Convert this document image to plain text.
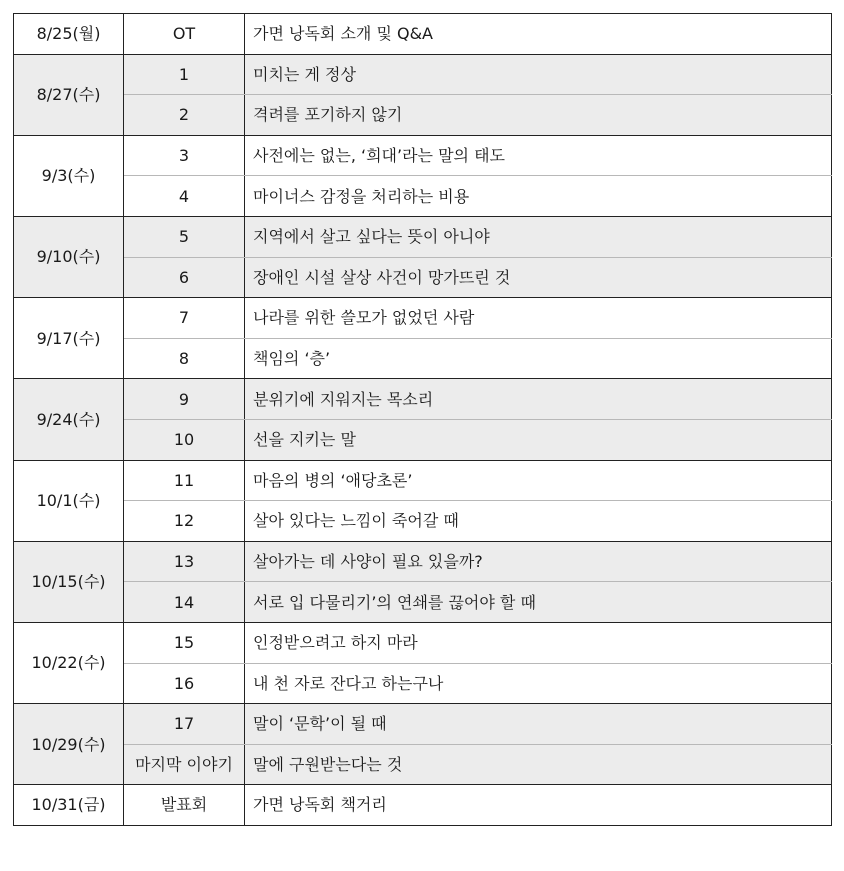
8/25(월)	OT	가면 낭독회 소개 및 Q&A
8/27(수)	1	미치는 게 정상
	2	격려를 포기하지 않기
9/3(수)	3	사전에는 없는, ‘희대’라는 말의 태도
	4	마이너스 감정을 처리하는 비용
9/10(수)	5	지역에서 살고 싶다는 뜻이 아니야
	6	장애인 시설 살상 사건이 망가뜨린 것
9/17(수)	7	나라를 위한 쓸모가 없었던 사람
	8	책임의 ‘층’
9/24(수)	9	분위기에 지워지는 목소리
	10	선을 지키는 말
10/1(수)	11	마음의 병의 ‘애당초론’
	12	살아 있다는 느낌이 죽어갈 때
10/15(수)	13	살아가는 데 사양이 필요 있을까?
	14	서로 입 다물리기’의 연쇄를 끊어야 할 때
10/22(수)	15	인정받으려고 하지 마라
	16	내 천 자로 잔다고 하는구나
10/29(수)	17	말이 ‘문학’이 될 때
	마지막 이야기	말에 구원받는다는 것
10/31(금)	발표회	가면 낭독회 책거리
